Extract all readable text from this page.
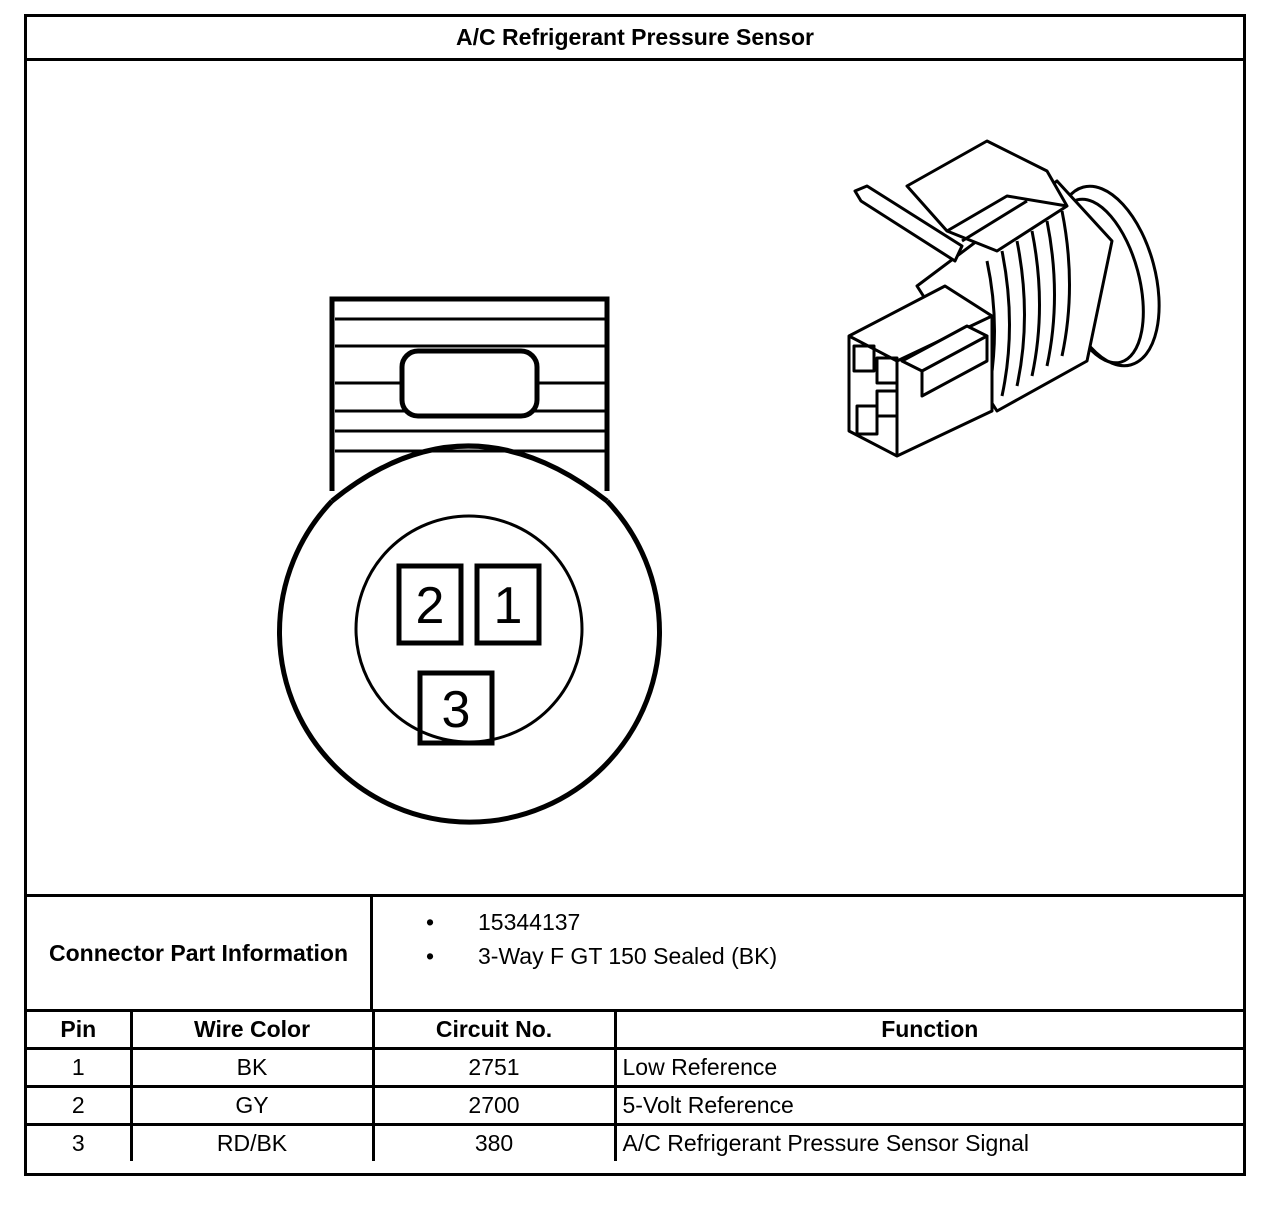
A/C Refrigerant Pressure Sensor
2 1
3
Connector Part Information
• 15344137
• 3-Way F GT 150 Sealed (BK)
Pin	Wire Color	Circuit No.	Function
1	BK	2751	Low Reference
2	GY	2700	5-Volt Reference
3	RD/BK	380	A/C Refrigerant Pressure Sensor Signal
